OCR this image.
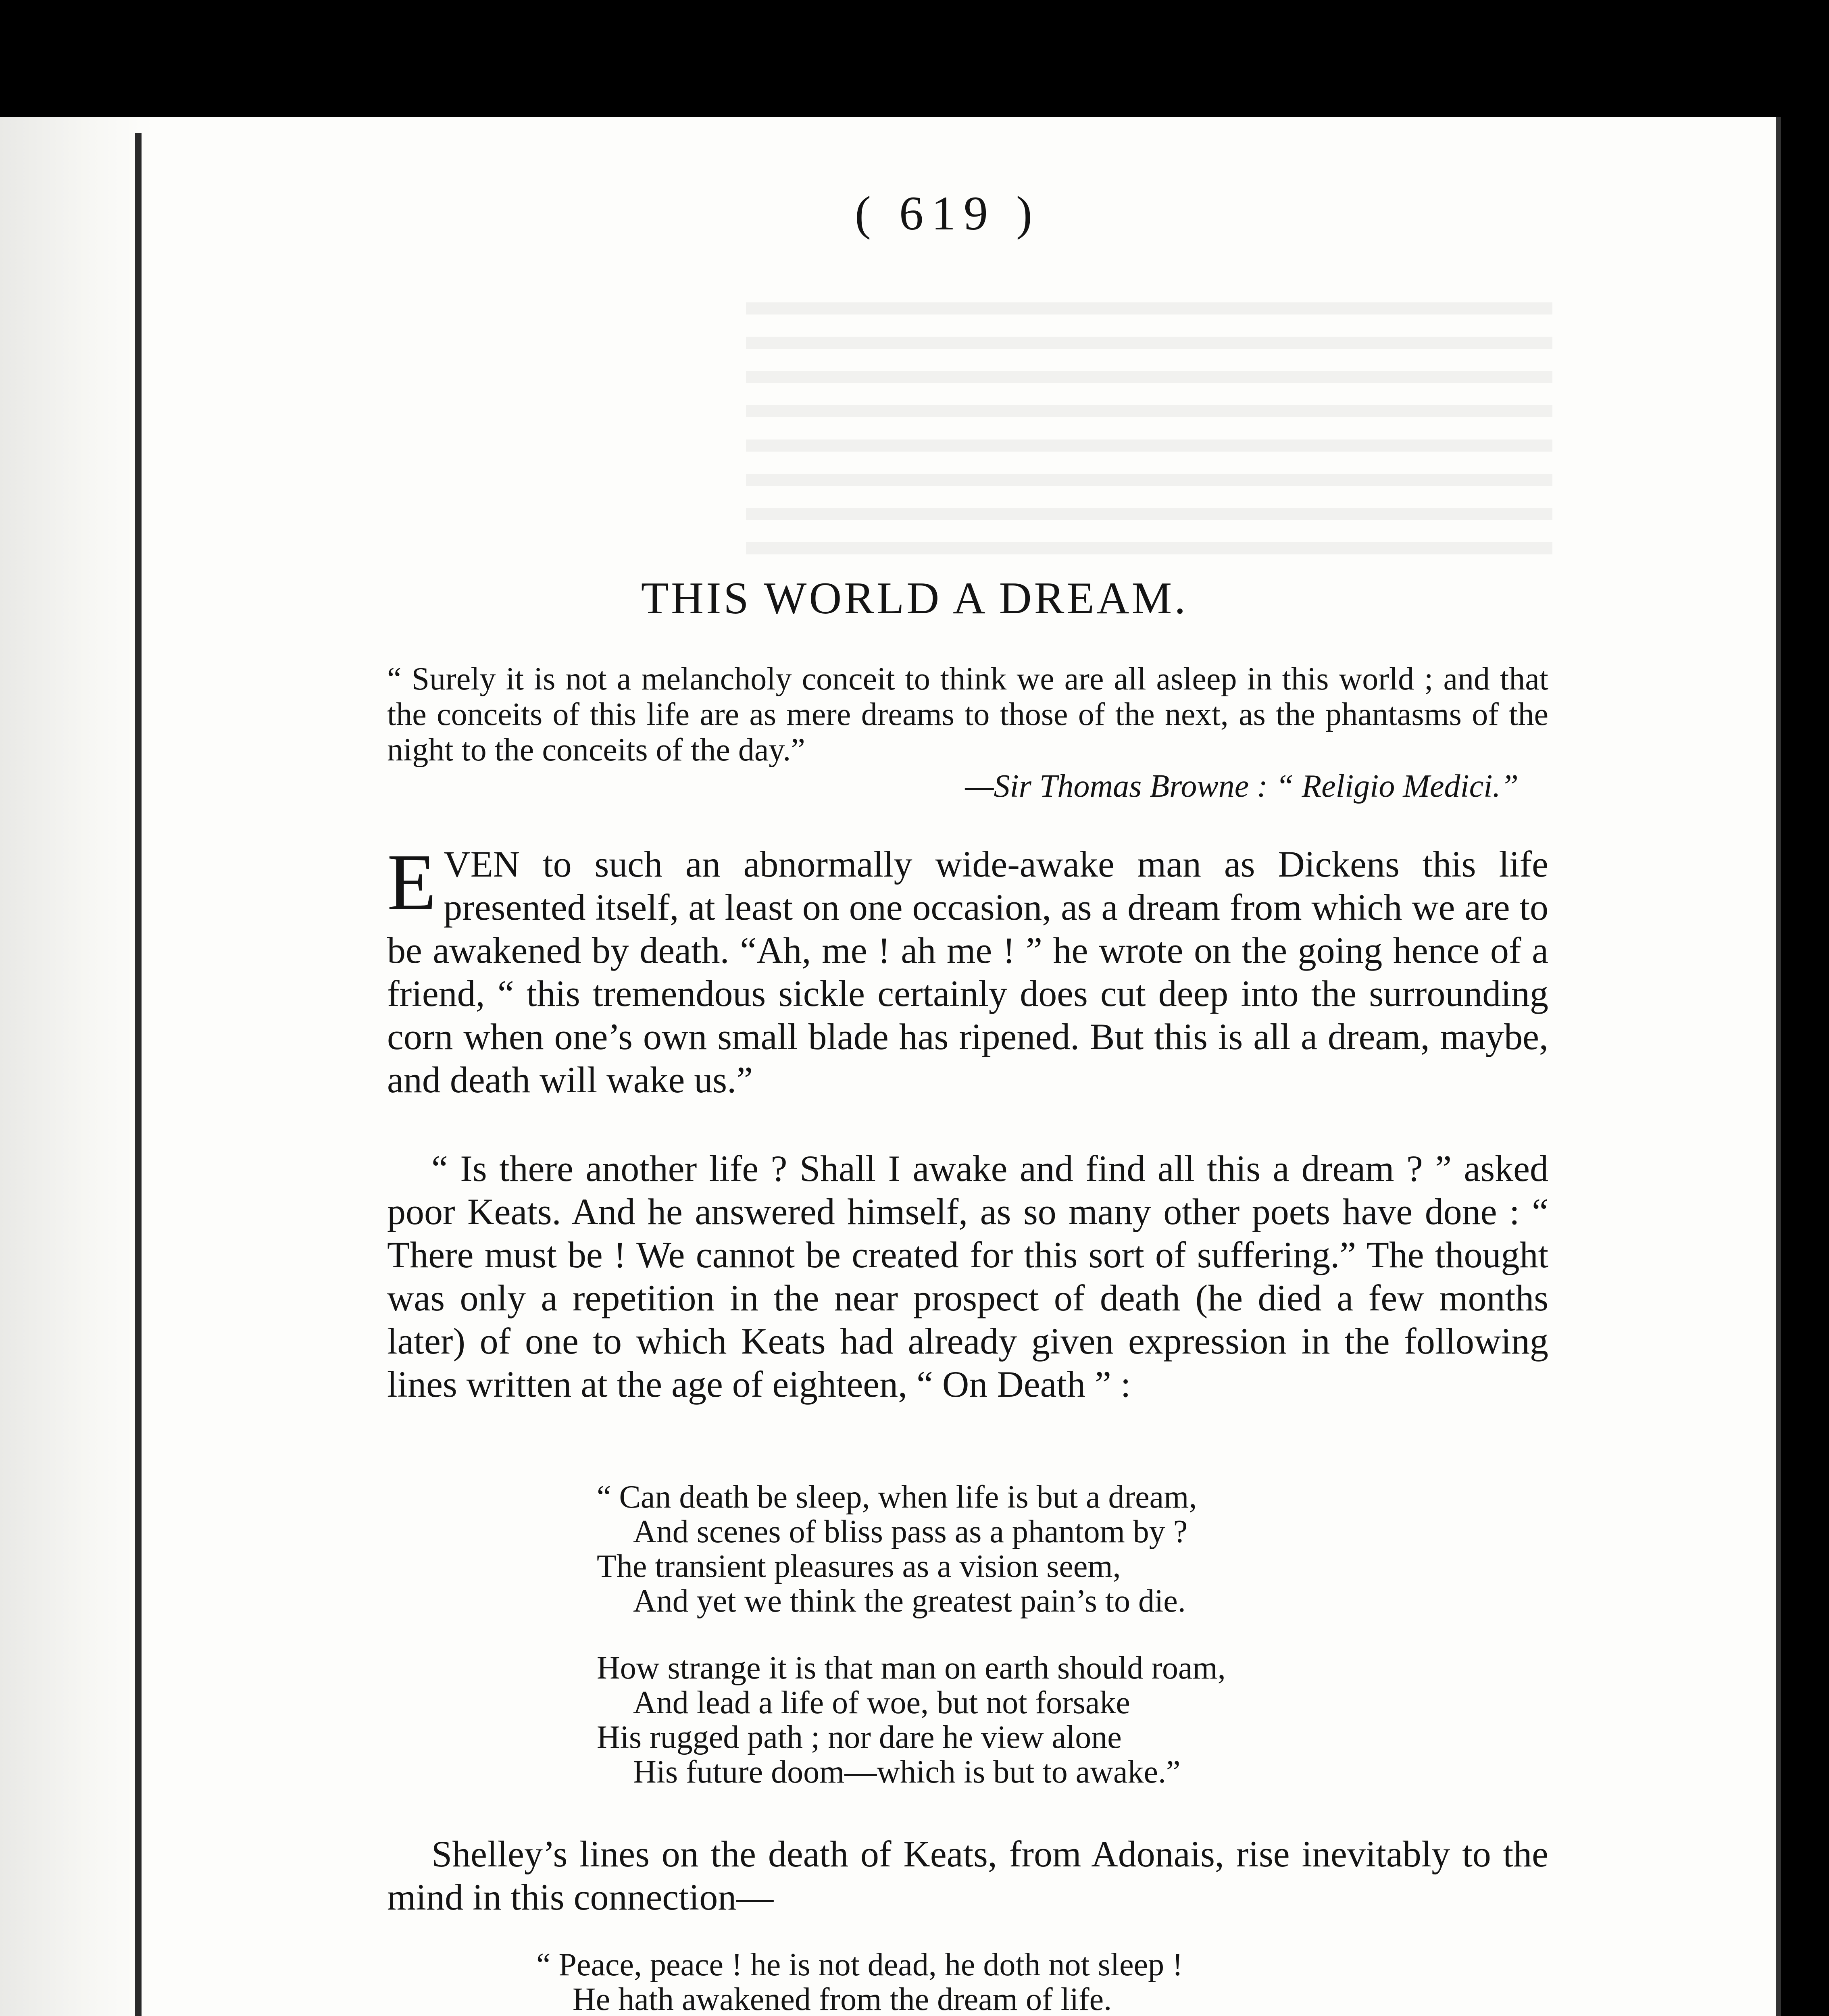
( 619 )
THIS WORLD A DREAM.
“ Surely it is not a melancholy conceit to think we are all asleep in this world ; and that the conceits of this life are as mere dreams to those of the next, as the phantasms of the night to the conceits of the day.”
—Sir Thomas Browne : “ Religio Medici.”
EVEN to such an abnormally wide-awake man as Dickens this life presented itself, at least on one occasion, as a dream from which we are to be awakened by death. “Ah, me ! ah me ! ” he wrote on the going hence of a friend, “ this tremendous sickle certainly does cut deep into the surrounding corn when one’s own small blade has ripened. But this is all a dream, maybe, and death will wake us.”
“ Is there another life ? Shall I awake and find all this a dream ? ” asked poor Keats. And he answered himself, as so many other poets have done : “ There must be ! We cannot be created for this sort of suffering.” The thought was only a repetition in the near prospect of death (he died a few months later) of one to which Keats had already given expression in the following lines written at the age of eighteen, “ On Death ” :
“ Can death be sleep, when life is but a dream,
And scenes of bliss pass as a phantom by ?
The transient pleasures as a vision seem,
And yet we think the greatest pain’s to die.
How strange it is that man on earth should roam,
And lead a life of woe, but not forsake
His rugged path ; nor dare he view alone
His future doom—which is but to awake.”
Shelley’s lines on the death of Keats, from Adonais, rise inevitably to the mind in this connection—
“ Peace, peace ! he is not dead, he doth not sleep !
He hath awakened from the dream of life.
